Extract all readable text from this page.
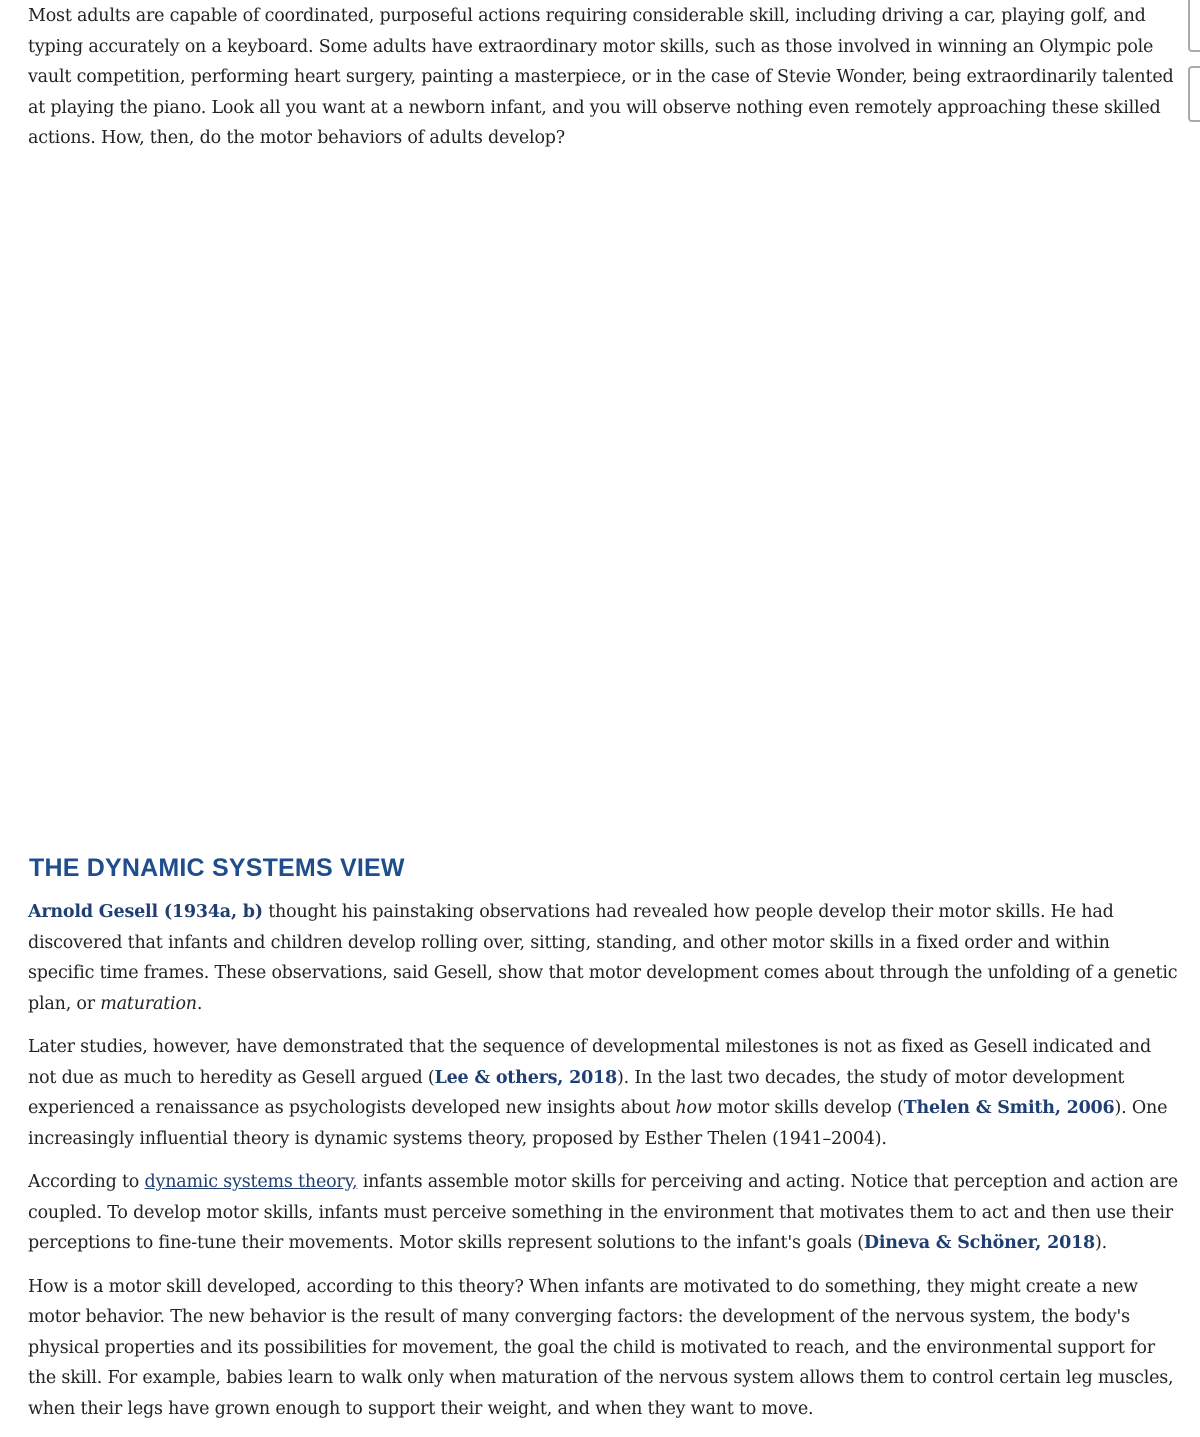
Most adults are capable of coordinated, purposeful actions requiring considerable skill, including driving a car, playing golf, and typing accurately on a keyboard. Some adults have extraordinary motor skills, such as those involved in winning an Olympic pole vault competition, performing heart surgery, painting a masterpiece, or in the case of Stevie Wonder, being extraordinarily talented at playing the piano. Look all you want at a newborn infant, and you will observe nothing even remotely approaching these skilled actions. How, then, do the motor behaviors of adults develop?

THE DYNAMIC SYSTEMS VIEW

Arnold Gesell (1934a, b) thought his painstaking observations had revealed how people develop their motor skills. He had discovered that infants and children develop rolling over, sitting, standing, and other motor skills in a fixed order and within specific time frames. These observations, said Gesell, show that motor development comes about through the unfolding of a genetic plan, or maturation.

Later studies, however, have demonstrated that the sequence of developmental milestones is not as fixed as Gesell indicated and not due as much to heredity as Gesell argued (Lee & others, 2018). In the last two decades, the study of motor development experienced a renaissance as psychologists developed new insights about how motor skills develop (Thelen & Smith, 2006). One increasingly influential theory is dynamic systems theory, proposed by Esther Thelen (1941–2004).

According to dynamic systems theory, infants assemble motor skills for perceiving and acting. Notice that perception and action are coupled. To develop motor skills, infants must perceive something in the environment that motivates them to act and then use their perceptions to fine-tune their movements. Motor skills represent solutions to the infant's goals (Dineva & Schöner, 2018).

How is a motor skill developed, according to this theory? When infants are motivated to do something, they might create a new motor behavior. The new behavior is the result of many converging factors: the development of the nervous system, the body's physical properties and its possibilities for movement, the goal the child is motivated to reach, and the environmental support for the skill. For example, babies learn to walk only when maturation of the nervous system allows them to control certain leg muscles, when their legs have grown enough to support their weight, and when they want to move.
